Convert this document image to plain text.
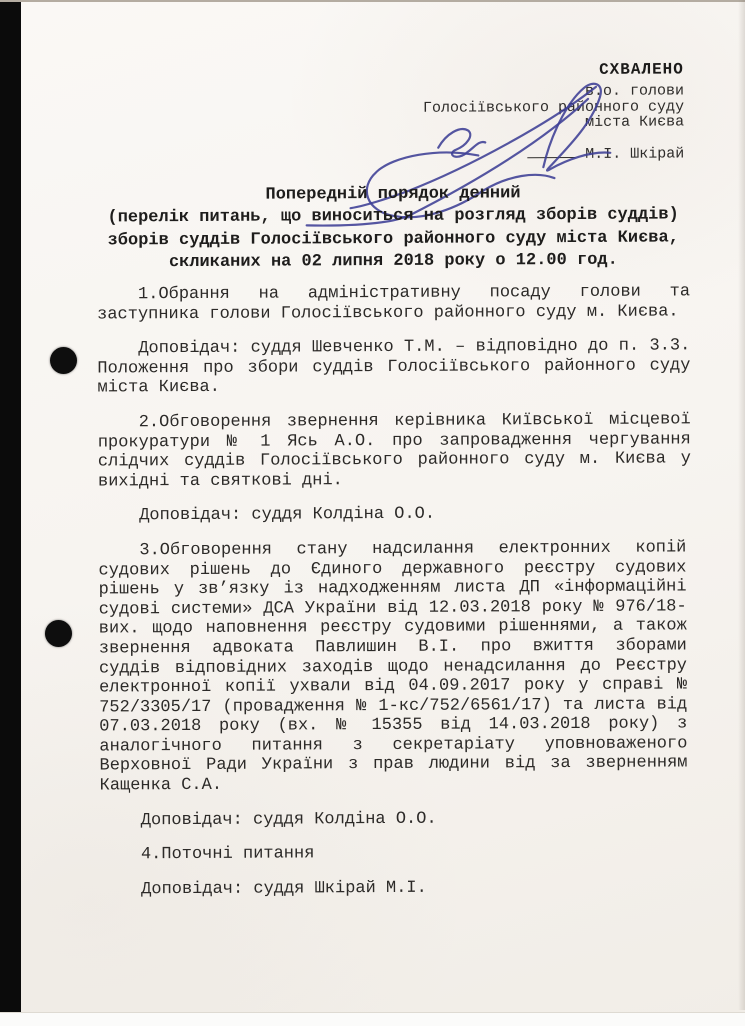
СХВАЛЕНО
в.о. голови
Голосіївського районного суду
міста Києва
М.І. Шкірай
Попередній порядок денний
(перелік питань, що виноситься на розгляд зборів суддів)
зборів суддів Голосіївського районного суду міста Києва,
скликаних на 02 липня 2018 року о 12.00 год.

1.Обрання на адміністративну посаду голови та заступника голови Голосіївського районного суду м. Києва.

Доповідач: суддя Шевченко Т.М. – відповідно до п. 3.3. Положення про збори суддів Голосіївського районного суду міста Києва.

2.Обговорення звернення керівника Київської місцевої прокуратури № 1 Ясь А.О. про запровадження чергування слідчих суддів Голосіївського районного суду м. Києва у вихідні та святкові дні.

Доповідач: суддя Колдіна О.О.

3.Обговорення стану надсилання електронних копій судових рішень до Єдиного державного реєстру судових рішень у зв’язку із надходженням листа ДП «інформаційні судові системи» ДСА України від 12.03.2018 року № 976/18-вих. щодо наповнення реєстру судовими рішеннями, а також звернення адвоката Павлишин В.І. про вжиття зборами суддів відповідних заходів щодо ненадсилання до Реєстру електронної копії ухвали від 04.09.2017 року у справі № 752/3305/17 (провадження № 1-кс/752/6561/17) та листа від 07.03.2018 року (вх. № 15355 від 14.03.2018 року) з аналогічного питання з секретаріату уповноваженого Верховної Ради України з прав людини від за зверненням Кащенка С.А.

Доповідач: суддя Колдіна О.О.

4.Поточні питання

Доповідач: суддя Шкірай М.І.
